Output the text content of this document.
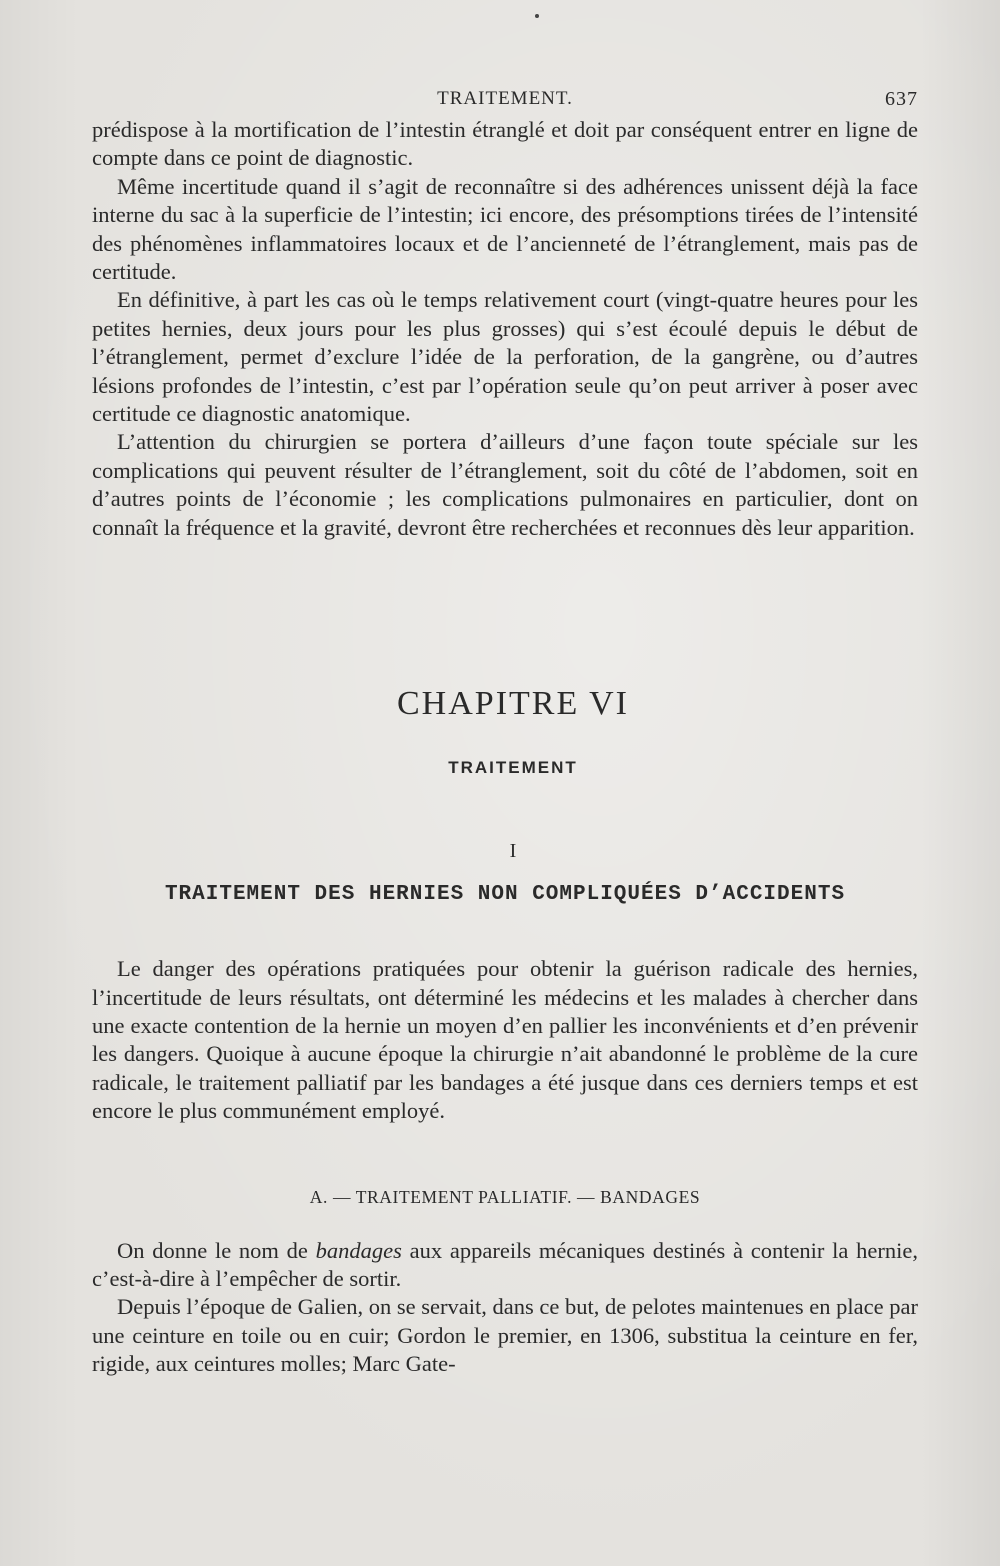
TRAITEMENT.	637

prédispose à la mortification de l’intestin étranglé et doit par conséquent entrer en ligne de compte dans ce point de diagnostic.

Même incertitude quand il s’agit de reconnaître si des adhérences unissent déjà la face interne du sac à la superficie de l’intestin; ici encore, des présomptions tirées de l’intensité des phénomènes inflammatoires locaux et de l’ancienneté de l’étranglement, mais pas de certitude.

En définitive, à part les cas où le temps relativement court (vingt-quatre heures pour les petites hernies, deux jours pour les plus grosses) qui s’est écoulé depuis le début de l’étranglement, permet d’exclure l’idée de la perforation, de la gangrène, ou d’autres lésions profondes de l’intestin, c’est par l’opération seule qu’on peut arriver à poser avec certitude ce diagnostic anatomique.

L’attention du chirurgien se portera d’ailleurs d’une façon toute spéciale sur les complications qui peuvent résulter de l’étranglement, soit du côté de l’abdomen, soit en d’autres points de l’économie ; les complications pulmonaires en particulier, dont on connaît la fréquence et la gravité, devront être recherchées et reconnues dès leur apparition.

CHAPITRE VI
TRAITEMENT
I
TRAITEMENT DES HERNIES NON COMPLIQUÉES D’ACCIDENTS

Le danger des opérations pratiquées pour obtenir la guérison radicale des hernies, l’incertitude de leurs résultats, ont déterminé les médecins et les malades à chercher dans une exacte contention de la hernie un moyen d’en pallier les inconvénients et d’en prévenir les dangers. Quoique à aucune époque la chirurgie n’ait abandonné le problème de la cure radicale, le traitement palliatif par les bandages a été jusque dans ces derniers temps et est encore le plus communément employé.

A. — TRAITEMENT PALLIATIF. — BANDAGES

On donne le nom de bandages aux appareils mécaniques destinés à contenir la hernie, c’est-à-dire à l’empêcher de sortir.

Depuis l’époque de Galien, on se servait, dans ce but, de pelotes maintenues en place par une ceinture en toile ou en cuir; Gordon le premier, en 1306, substitua la ceinture en fer, rigide, aux ceintures molles; Marc Gate-
